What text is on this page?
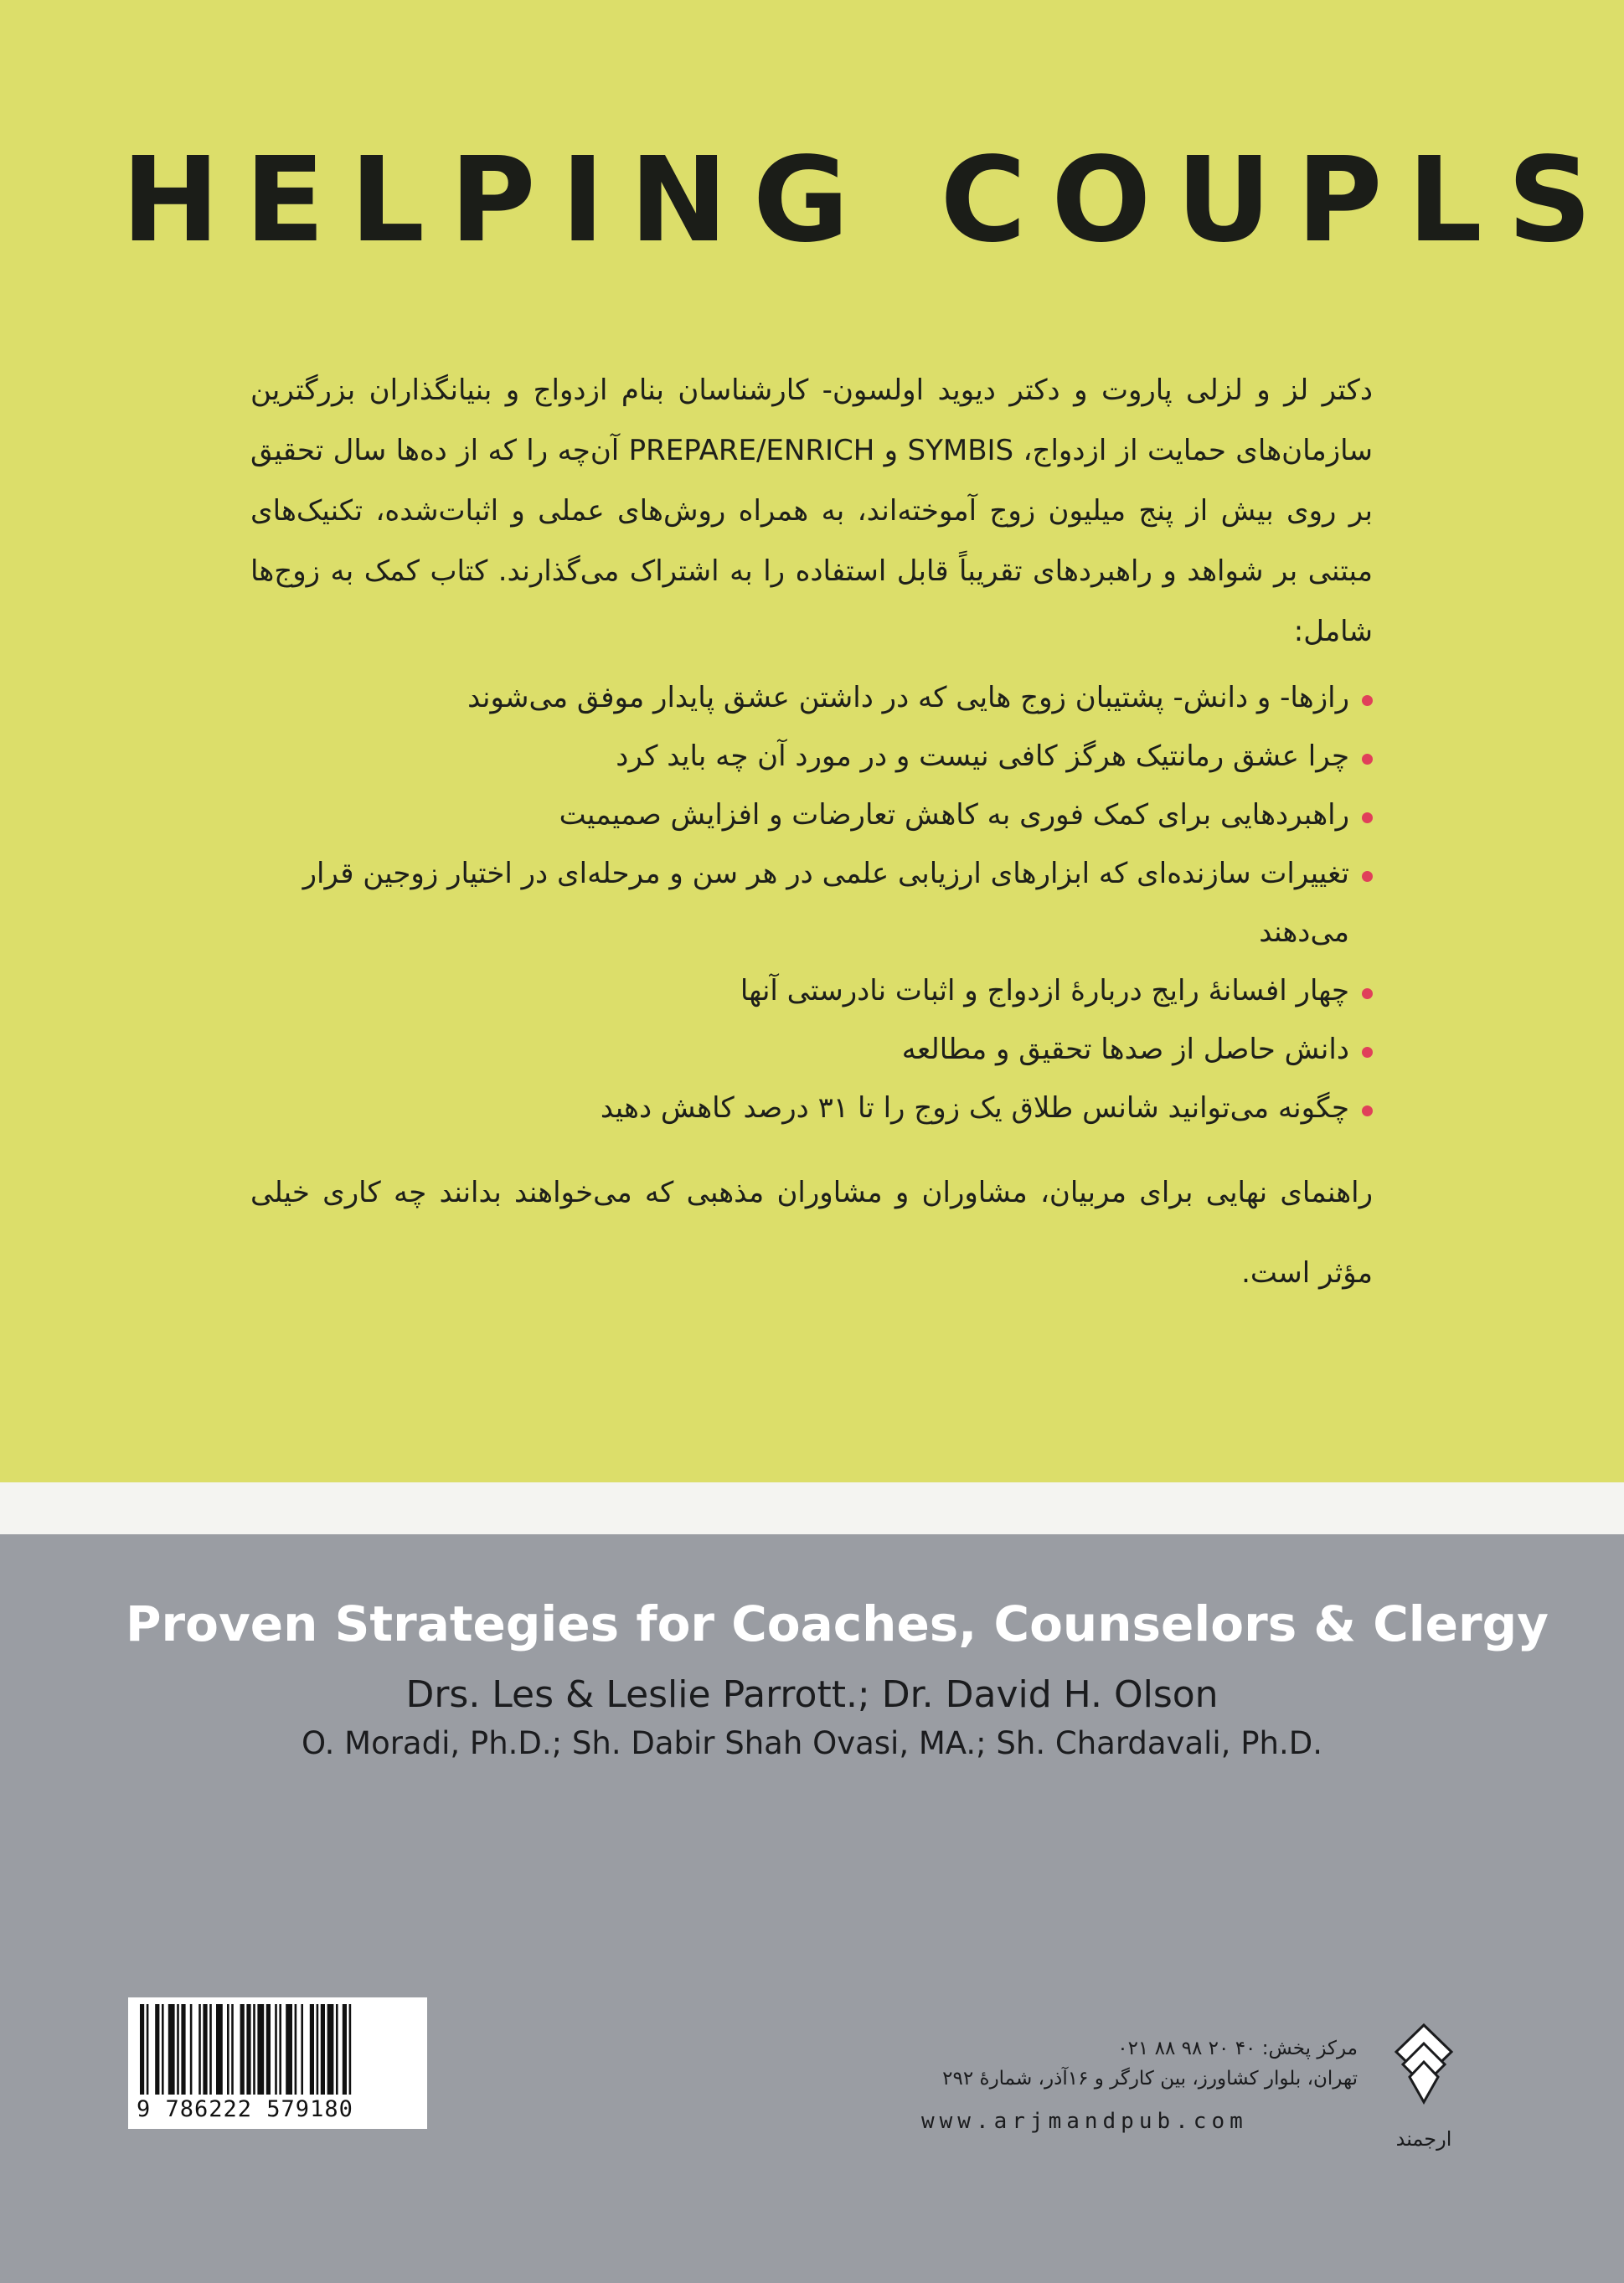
HELPING COUPLS

دکتر لز و لزلی پاروت و دکتر دیوید اولسون- کارشناسان بنام ازدواج و بنیانگذاران بزرگترین سازمان‌های حمایت از ازدواج، SYMBIS و PREPARE/ENRICH آن‌چه را که از ده‌ها سال تحقیق بر روی بیش از پنج میلیون زوج آموخته‌اند، به همراه روش‌های عملی و اثبات‌شده، تکنیک‌های مبتنی بر شواهد و راهبردهای تقریباً قابل استفاده را به اشتراک می‌گذارند. کتاب کمک به زوج‌ها شامل:

رازها- و دانش- پشتیبان زوج هایی که در داشتن عشق پایدار موفق می‌شوند
چرا عشق رمانتیک هرگز کافی نیست و در مورد آن چه باید کرد
راهبردهایی برای کمک فوری به کاهش تعارضات و افزایش صمیمیت
تغییرات سازنده‌ای که ابزارهای ارزیابی علمی در هر سن و مرحله‌ای در اختیار زوجین قرار می‌دهند
چهار افسانهٔ رایج دربارهٔ ازدواج و اثبات نادرستی آنها
دانش حاصل از صدها تحقیق و مطالعه
چگونه می‌توانید شانس طلاق یک زوج را تا ۳۱ درصد کاهش دهید

راهنمای نهایی برای مربیان، مشاوران و مشاوران مذهبی که می‌خواهند بدانند چه کاری خیلی مؤثر است.

Proven Strategies for Coaches, Counselors & Clergy
Drs. Les & Leslie Parrott.; Dr. David H. Olson
O. Moradi, Ph.D.; Sh. Dabir Shah Ovasi, MA.; Sh. Chardavali, Ph.D.
9 786222 579180
مرکز پخش: ۴۰ ۲۰ ۹۸ ۸۸ ۰۲۱
تهران، بلوار کشاورز، بین کارگر و ۱۶آذر، شمارهٔ ۲۹۲
www.arjmandpub.com
ارجمند
